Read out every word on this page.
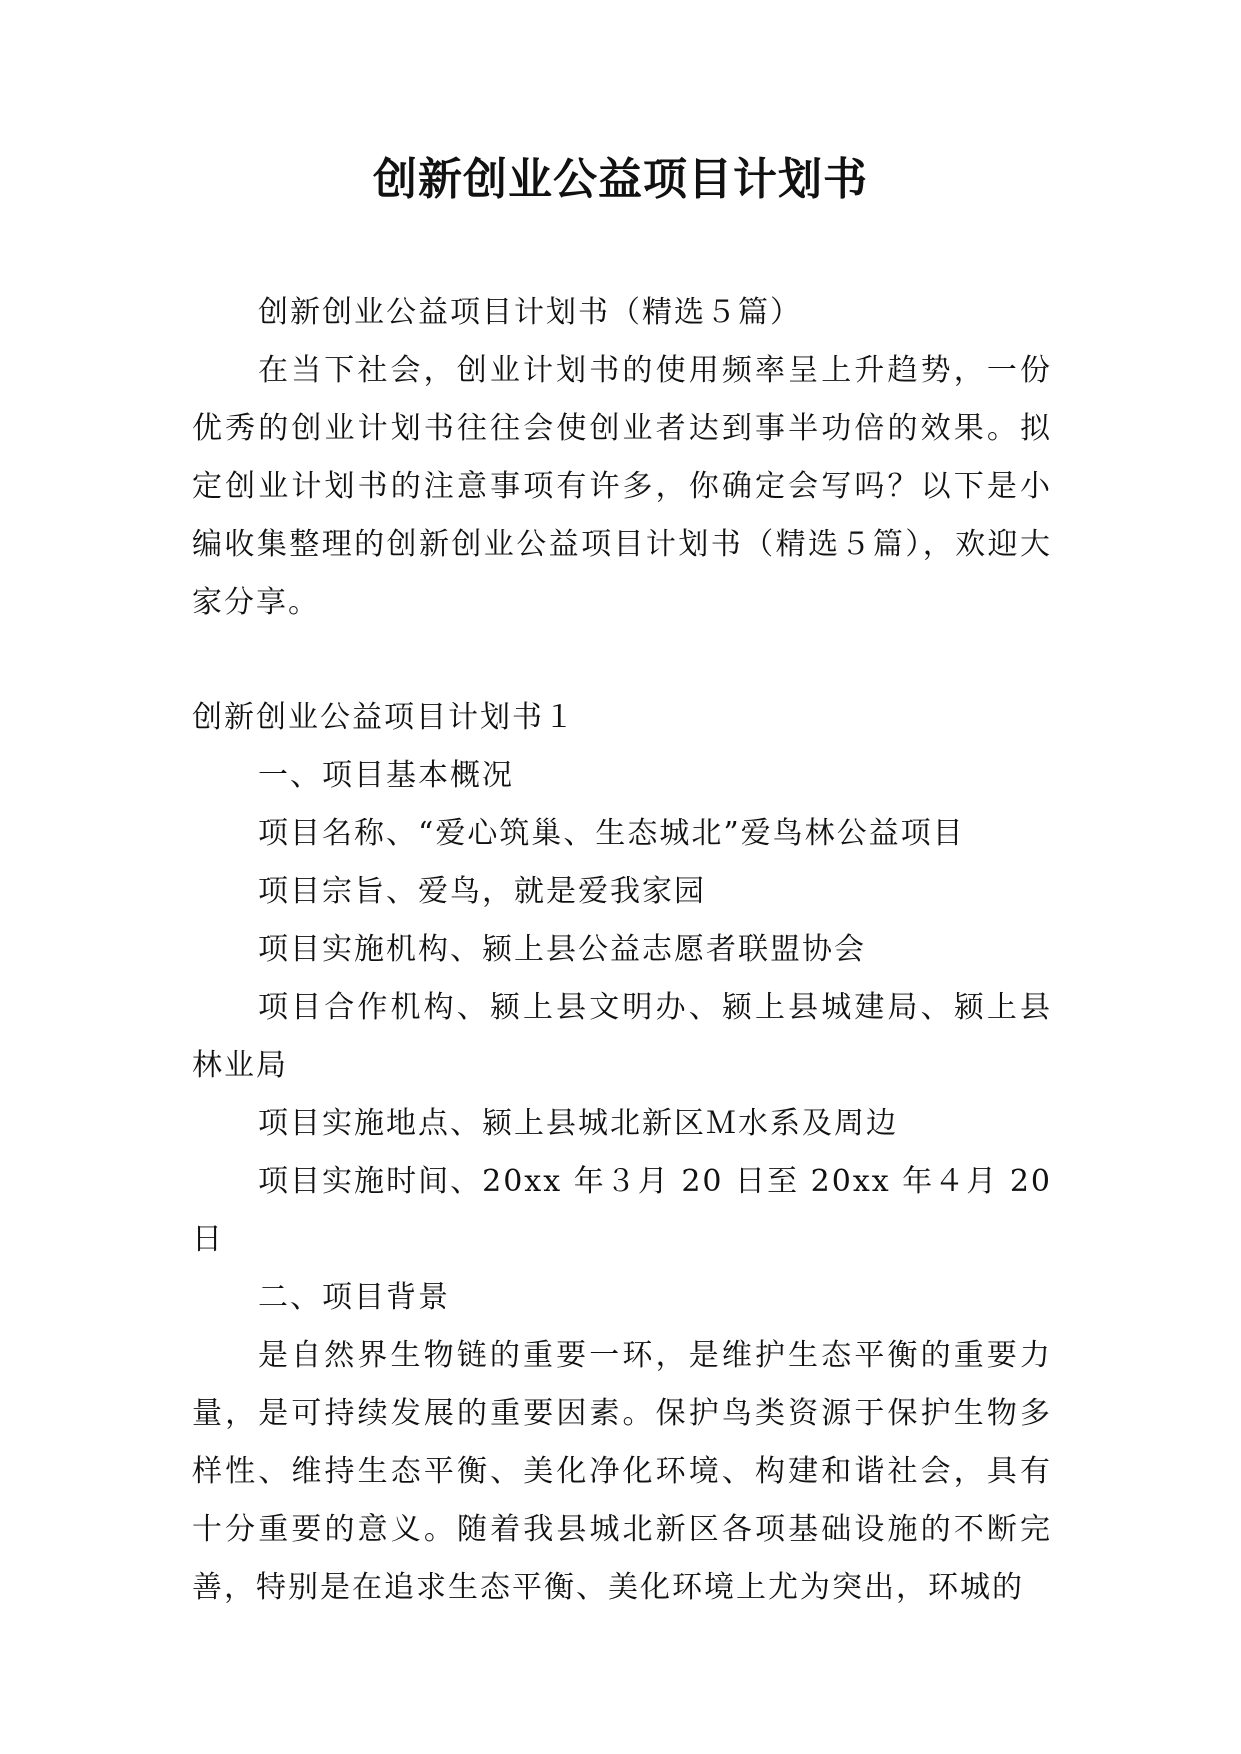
创新创业公益项目计划书

创新创业公益项目计划书（精选５篇）

在当下社会，创业计划书的使用频率呈上升趋势，一份优秀的创业计划书往往会使创业者达到事半功倍的效果。拟定创业计划书的注意事项有许多，你确定会写吗？以下是小编收集整理的创新创业公益项目计划书（精选５篇），欢迎大家分享。

创新创业公益项目计划书１

一、项目基本概况

项目名称、“爱心筑巢、生态城北”爱鸟林公益项目

项目宗旨、爱鸟，就是爱我家园

项目实施机构、颍上县公益志愿者联盟协会

项目合作机构、颍上县文明办、颍上县城建局、颍上县林业局

项目实施地点、颍上县城北新区Ｍ水系及周边

项目实施时间、20xx 年３月 20 日至 20xx 年４月 20 日

二、项目背景

是自然界生物链的重要一环，是维护生态平衡的重要力量，是可持续发展的重要因素。保护鸟类资源于保护生物多样性、维持生态平衡、美化净化环境、构建和谐社会，具有十分重要的意义。随着我县城北新区各项基础设施的不断完善，特别是在追求生态平衡、美化环境上尤为突出，环城的
